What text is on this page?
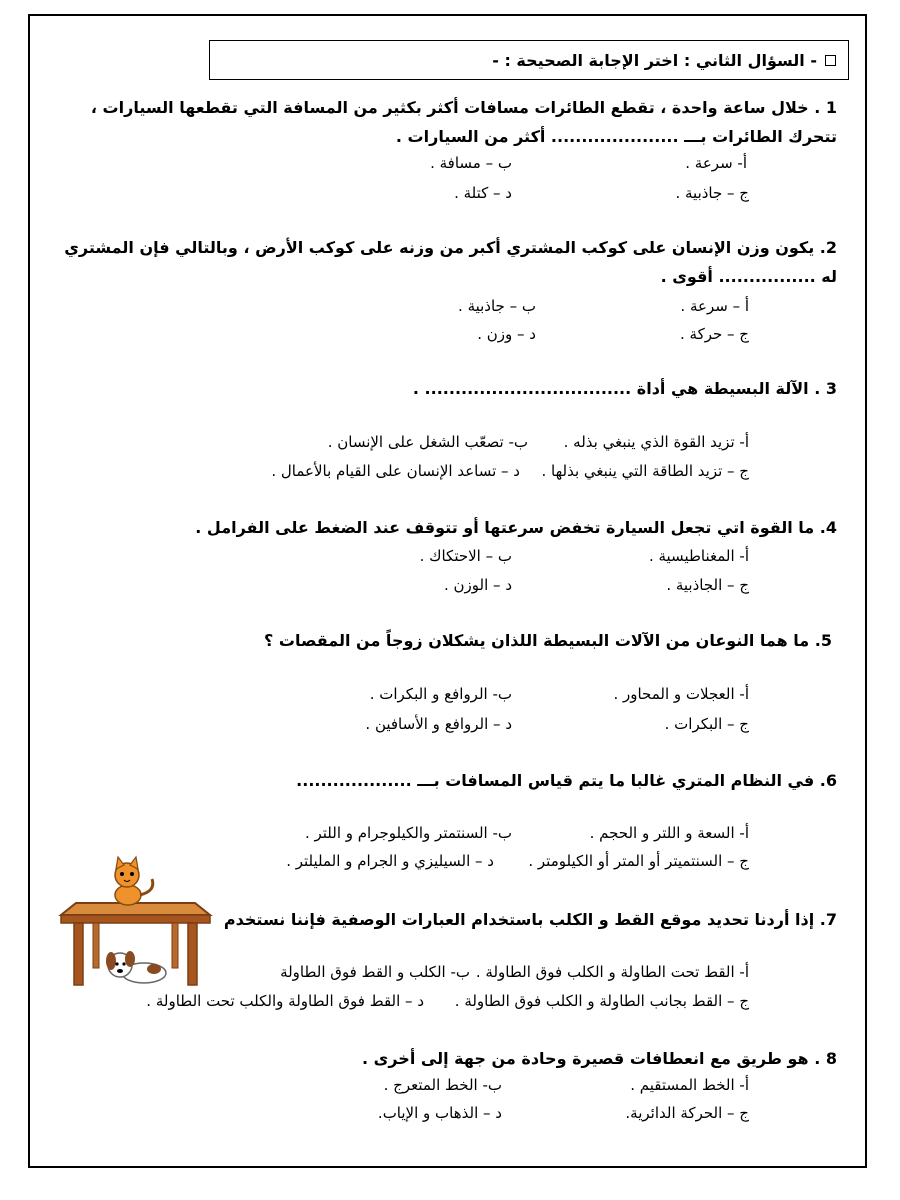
- السؤال الثاني : اختر الإجابة الصحيحة : -
1 . خلال ساعة واحدة ، تقطع الطائرات مسافات أكثر بكثير من المسافة التي تقطعها السيارات ،
تتحرك الطائرات بـــ ..................... أكثر من السيارات .
أ- سرعة .
ب – مسافة .
ج – جاذبية .
د – كتلة .
2. يكون وزن الإنسان على كوكب المشتري أكبر من وزنه على كوكب الأرض ، وبالتالي فإن المشتري
له ................ أقوى .
أ – سرعة .
ب – جاذبية .
ج – حركة .
د – وزن .
3 . الآلة البسيطة هي أداة .................................. .
أ- تزيد القوة الذي ينبغي بذله .
ب- تصعّب الشغل على الإنسان .
ج – تزيد الطاقة التي ينبغي بذلها .
د – تساعد الإنسان على القيام بالأعمال .
4. ما القوة اتي تجعل السيارة تخفض سرعتها أو تتوقف عند الضغط على الفرامل .
أ- المغناطيسية .
ب – الاحتكاك .
ج – الجاذبية .
د – الوزن .
5. ما هما النوعان من الآلات البسيطة اللذان يشكلان زوجاً من المقصات ؟
أ- العجلات و المحاور .
ب- الروافع و البكرات .
ج – البكرات .
د – الروافع و الأسافين .
6. في النظام المتري غالبا ما يتم قياس المسافات بـــ ...................
أ- السعة و اللتر و الحجم .
ب- السنتمتر والكيلوجرام و اللتر .
ج – السنتميتر أو المتر أو الكيلومتر .
د – السيليزي و الجرام و المليلتر .
7. إذا أردنا تحديد موقع القط و الكلب باستخدام العبارات الوصفية فإننا نستخدم
أ- القط تحت الطاولة و الكلب فوق الطاولة .
ب- الكلب و القط فوق الطاولة
ج – القط بجانب الطاولة و الكلب فوق الطاولة .
د – القط فوق الطاولة والكلب تحت الطاولة .
8 . هو طريق مع انعطافات قصيرة وحادة من جهة إلى أخرى .
أ- الخط المستقيم .
ب- الخط المتعرج .
ج – الحركة الدائرية.
د – الذهاب و الإياب.
